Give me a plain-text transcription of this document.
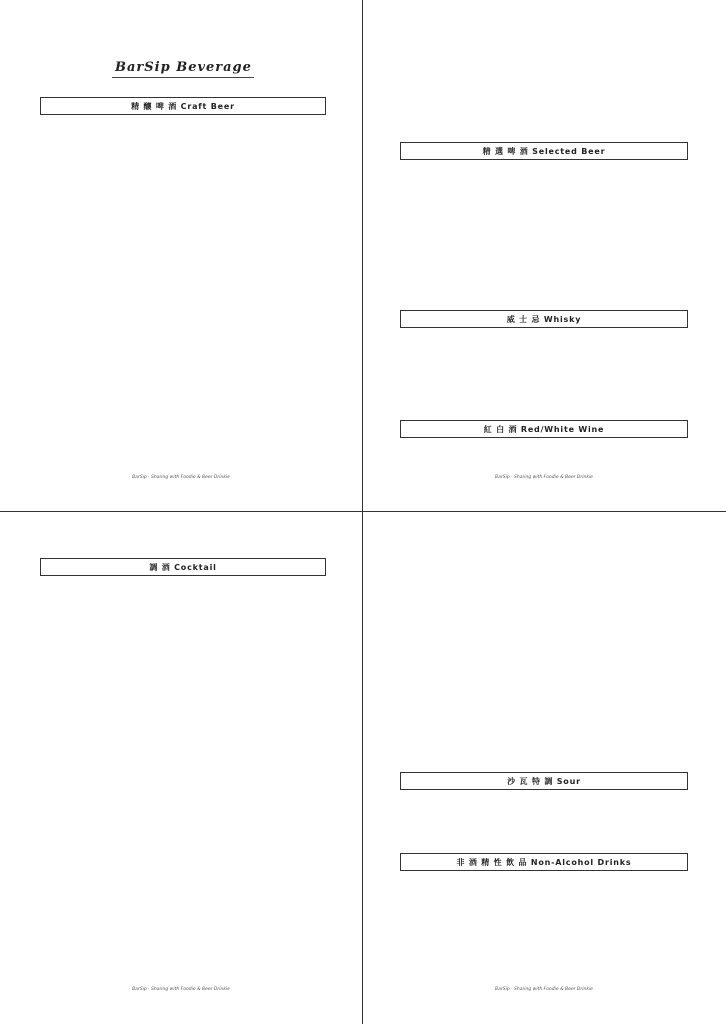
BarSip Beverage
精 釀 啤 酒 Craft Beer
BarSip · Sharing with Foodie & Beer Drinkie
精 選 啤 酒 Selected Beer
威 士 忌 Whisky
紅 白 酒 Red/White Wine
BarSip · Sharing with Foodie & Beer Drinkie
調 酒 Cocktail
BarSip · Sharing with Foodie & Beer Drinkie
沙 瓦 特 調 Sour
非 酒 精 性 飲 品 Non-Alcohol Drinks
BarSip · Sharing with Foodie & Beer Drinkie
